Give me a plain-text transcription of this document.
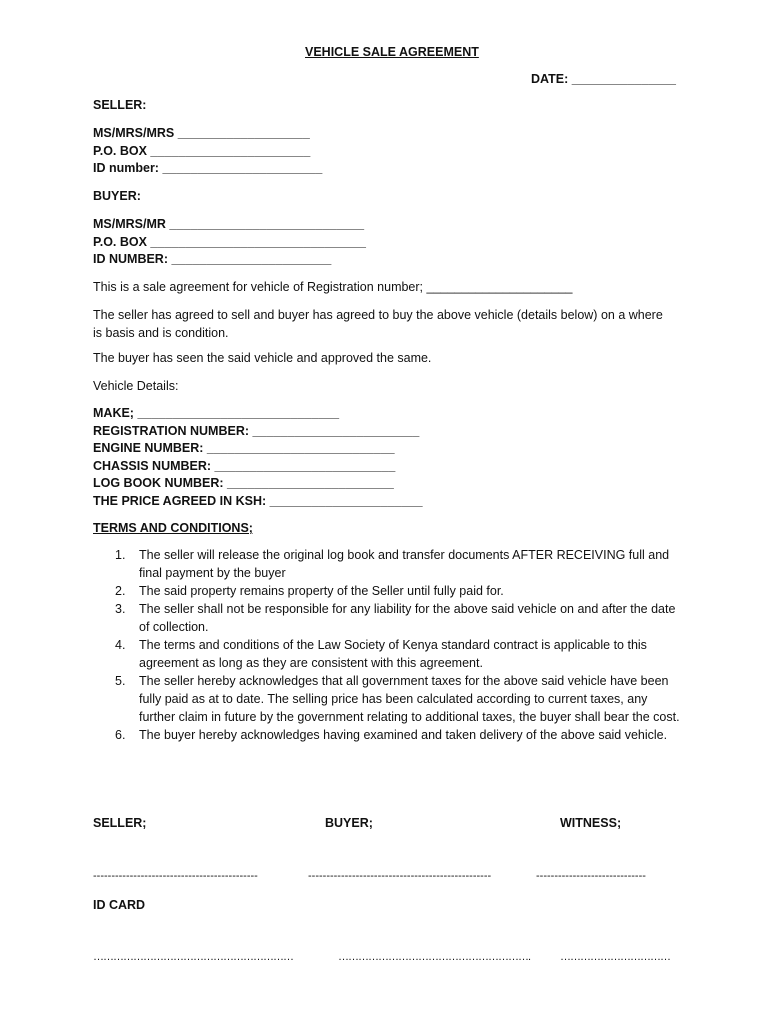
VEHICLE SALE AGREEMENT
DATE: _______________
SELLER:
MS/MRS/MRS ___________________
P.O. BOX _______________________
ID number: _______________________
BUYER:
MS/MRS/MR ____________________________
P.O. BOX _______________________________
ID NUMBER: _______________________
This is a sale agreement for vehicle of Registration number; _____________________
The seller has agreed to sell and buyer has agreed to buy the above vehicle (details below) on a where is basis and is condition.
The buyer has seen the said vehicle and approved the same.
Vehicle Details:
MAKE; _____________________________
REGISTRATION NUMBER: ________________________
ENGINE NUMBER: ___________________________
CHASSIS NUMBER: __________________________
LOG BOOK NUMBER: ________________________
THE PRICE AGREED IN KSH: ______________________
TERMS AND CONDITIONS;
1. The seller will release the original log book and transfer documents AFTER RECEIVING full and final payment by the buyer
2. The said property remains property of the Seller until fully paid for.
3. The seller shall not be responsible for any liability for the above said vehicle on and after the date of collection.
4. The terms and conditions of the Law Society of Kenya standard contract is applicable to this agreement as long as they are consistent with this agreement.
5. The seller hereby acknowledges that all government taxes for the above said vehicle have been fully paid as at to date. The selling price has been calculated according to current taxes, any further claim in future by the government relating to additional taxes, the buyer shall bear the cost.
6. The buyer hereby acknowledges having examined and taken delivery of the above said vehicle.
SELLER;	BUYER;	WITNESS;
---------------------------------------------	--------------------------------------------------	------------------------------
ID CARD
……………………………………………………	………………………………………………….	……………………………
